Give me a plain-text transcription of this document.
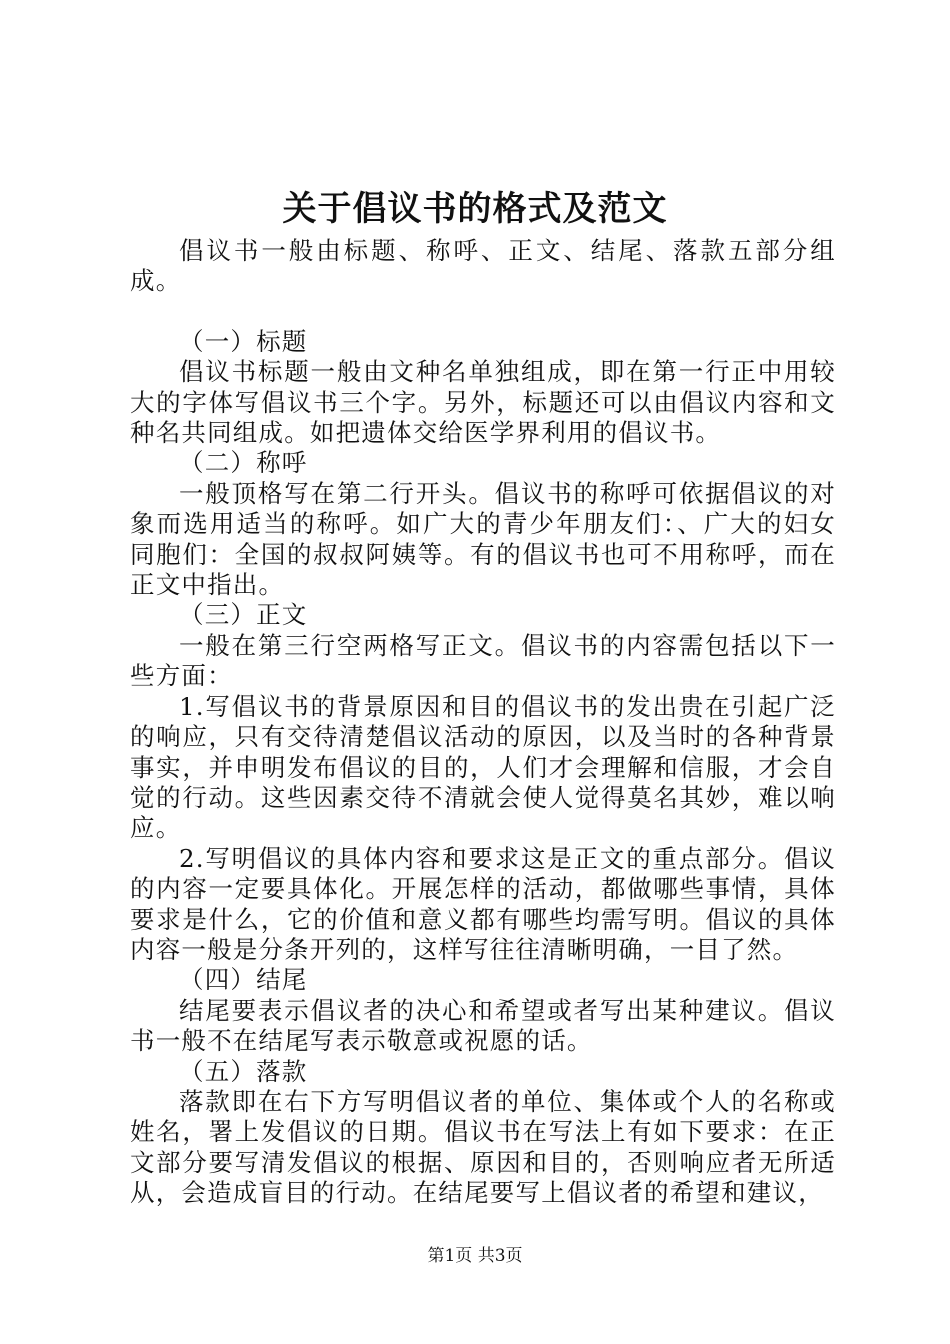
关于倡议书的格式及范文

倡议书一般由标题、称呼、正文、结尾、落款五部分组成。

（一）标题

倡议书标题一般由文种名单独组成，即在第一行正中用较大的字体写倡议书三个字。另外，标题还可以由倡议内容和文种名共同组成。如把遗体交给医学界利用的倡议书。

（二）称呼

一般顶格写在第二行开头。倡议书的称呼可依据倡议的对象而选用适当的称呼。如广大的青少年朋友们：、广大的妇女同胞们：全国的叔叔阿姨等。有的倡议书也可不用称呼，而在正文中指出。

（三）正文

一般在第三行空两格写正文。倡议书的内容需包括以下一些方面：

1.写倡议书的背景原因和目的倡议书的发出贵在引起广泛的响应，只有交待清楚倡议活动的原因，以及当时的各种背景事实，并申明发布倡议的目的，人们才会理解和信服，才会自觉的行动。这些因素交待不清就会使人觉得莫名其妙，难以响应。

2.写明倡议的具体内容和要求这是正文的重点部分。倡议的内容一定要具体化。开展怎样的活动，都做哪些事情，具体要求是什么，它的价值和意义都有哪些均需写明。倡议的具体内容一般是分条开列的，这样写往往清晰明确，一目了然。

（四）结尾

结尾要表示倡议者的决心和希望或者写出某种建议。倡议书一般不在结尾写表示敬意或祝愿的话。

（五）落款

落款即在右下方写明倡议者的单位、集体或个人的名称或姓名，署上发倡议的日期。倡议书在写法上有如下要求：在正文部分要写清发倡议的根据、原因和目的，否则响应者无所适从，会造成盲目的行动。在结尾要写上倡议者的希望和建议，

第1页 共3页
